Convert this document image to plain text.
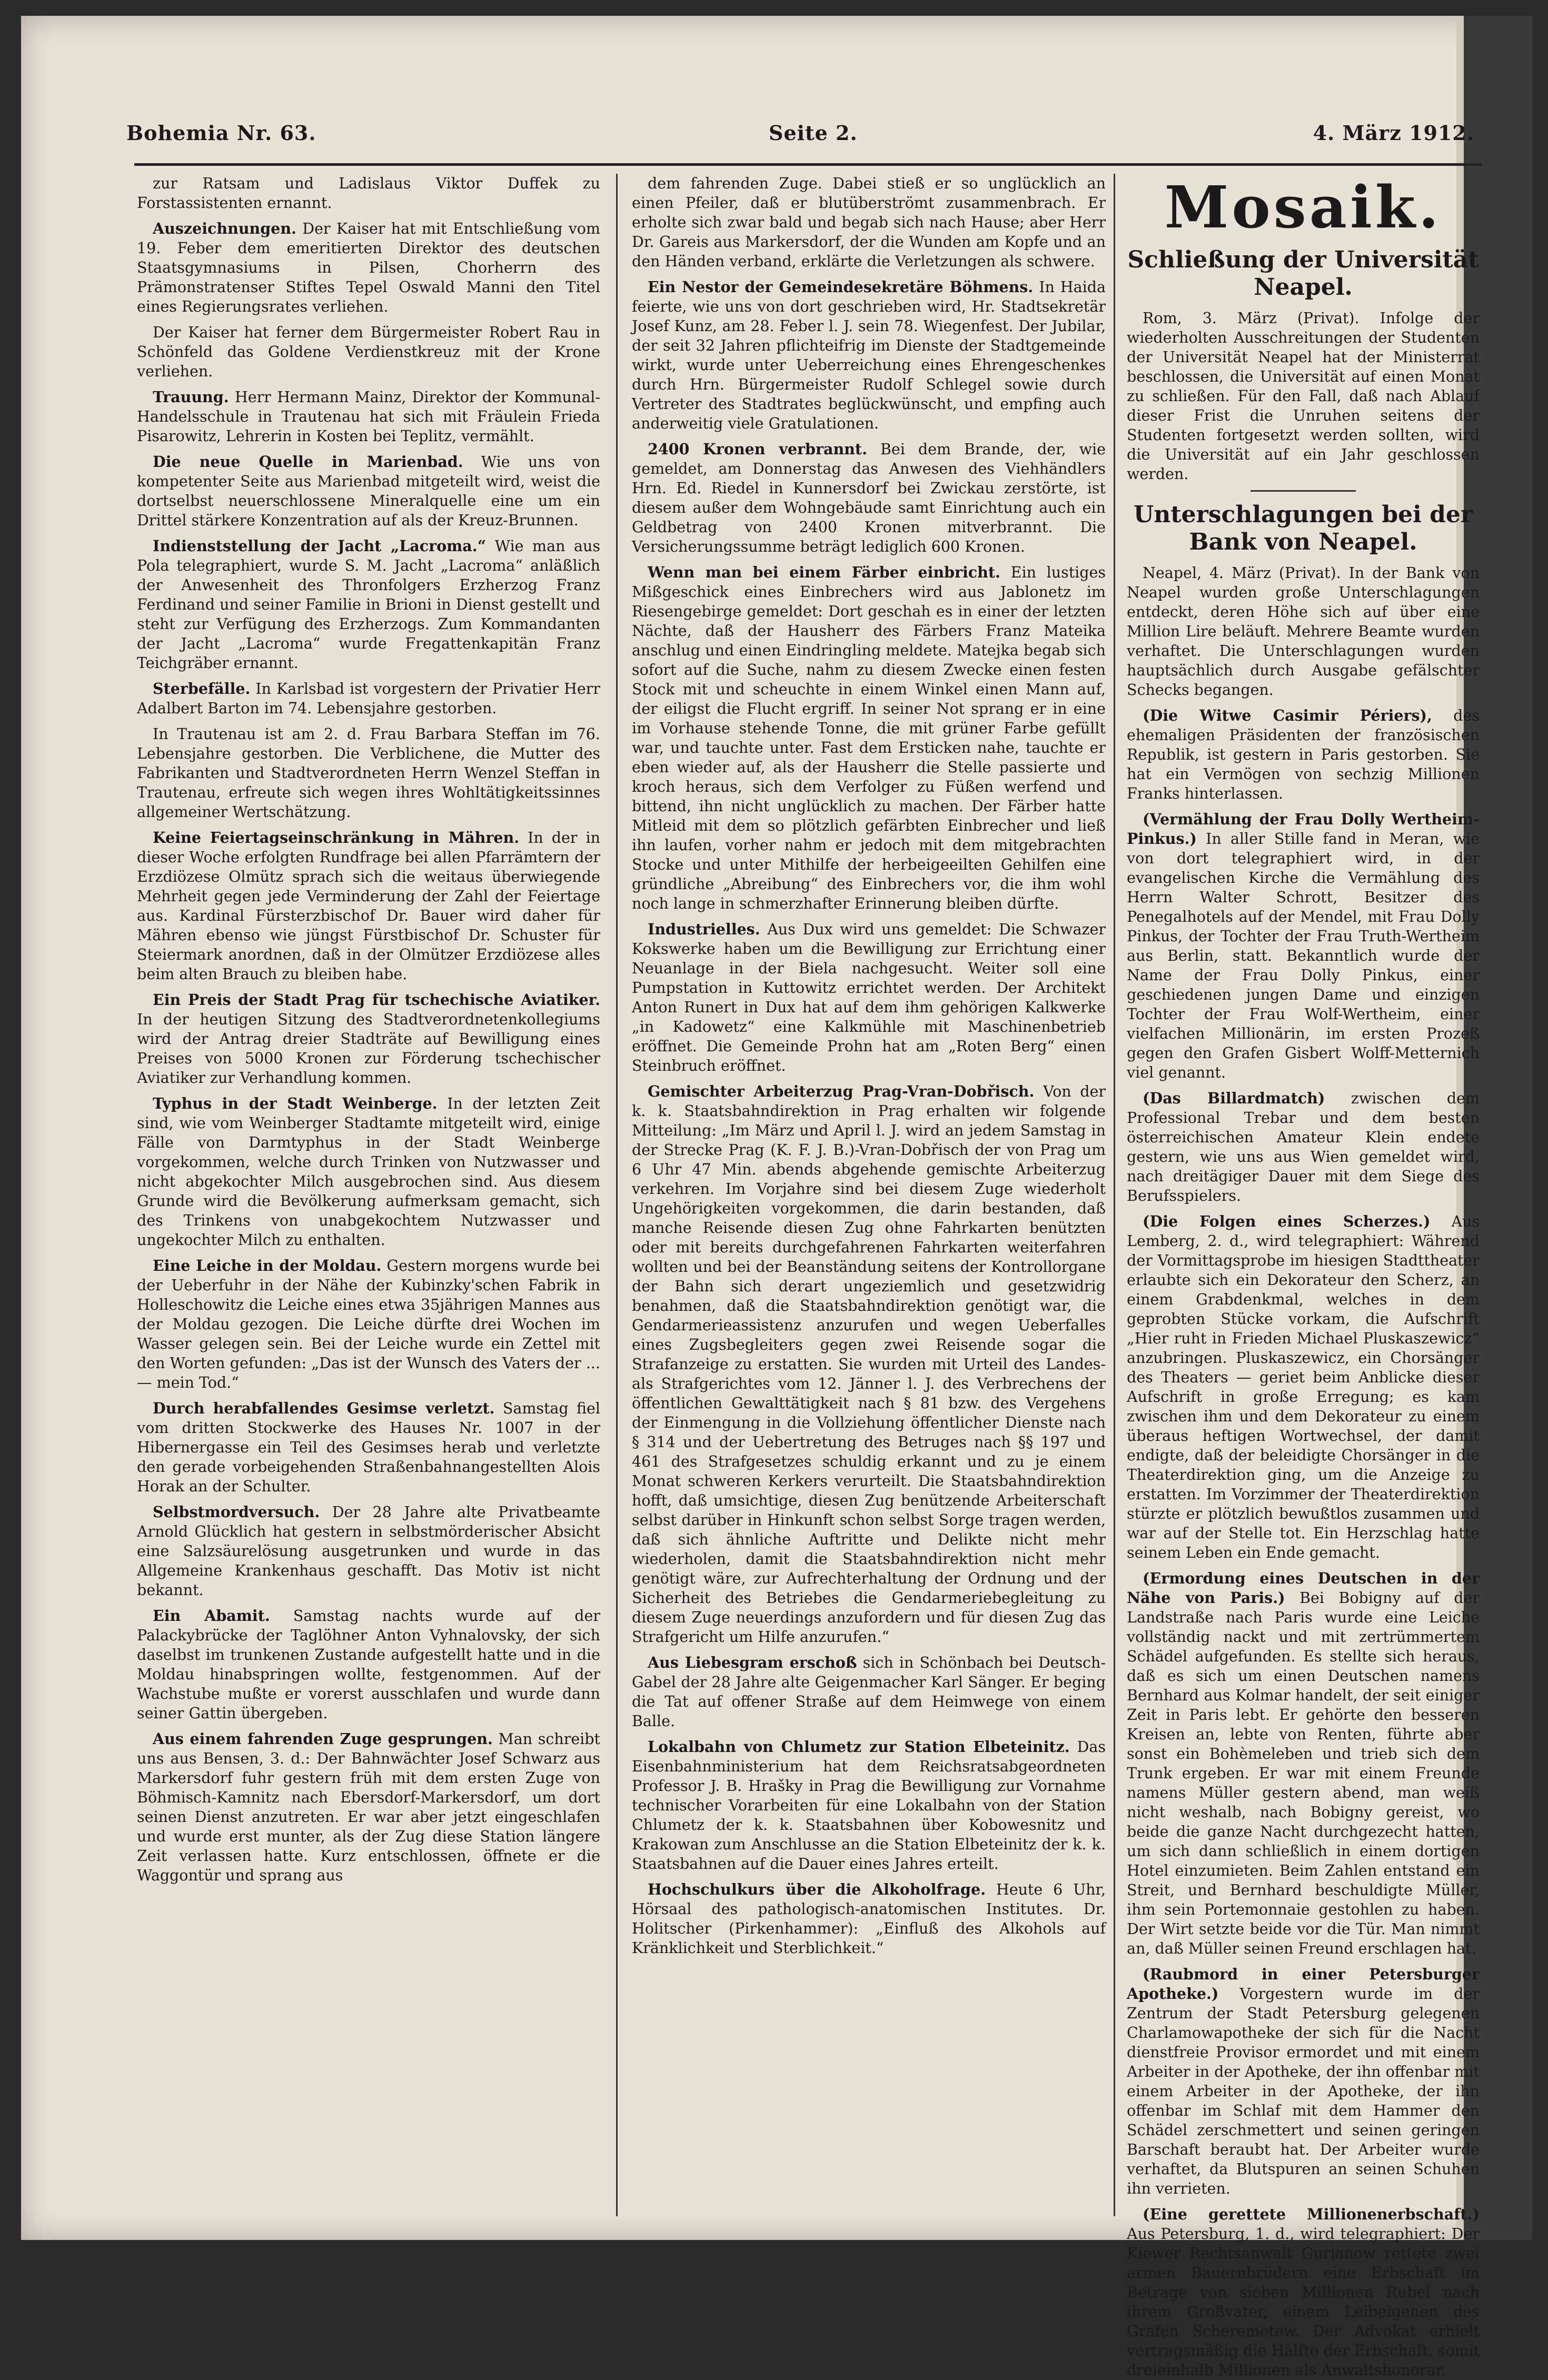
Bohemia Nr. 63.	Seite 2.	4. März 1912.

zur Ratsam und Ladislaus Viktor Duffek zu Forstassistenten ernannt.

Auszeichnungen. Der Kaiser hat mit Entschließung vom 19. Feber dem emeritierten Direktor des deutschen Staatsgymnasiums in Pilsen, Chorherrn des Prämonstratenser Stiftes Tepel Oswald Manni den Titel eines Regierungsrates verliehen.

Der Kaiser hat ferner dem Bürgermeister Robert Rau in Schönfeld das Goldene Verdienstkreuz mit der Krone verliehen.

Trauung. Herr Hermann Mainz, Direktor der Kommunal-Handelsschule in Trautenau hat sich mit Fräulein Frieda Pisarowitz, Lehrerin in Kosten bei Teplitz, vermählt.

Die neue Quelle in Marienbad. Wie uns von kompetenter Seite aus Marienbad mitgeteilt wird, weist die dortselbst neuerschlossene Mineralquelle eine um ein Drittel stärkere Konzentration auf als der Kreuz-Brunnen.

Indienststellung der Jacht „Lacroma.“ Wie man aus Pola telegraphiert, wurde S. M. Jacht „Lacroma“ anläßlich der Anwesenheit des Thronfolgers Erzherzog Franz Ferdinand und seiner Familie in Brioni in Dienst gestellt und steht zur Verfügung des Erzherzogs. Zum Kommandanten der Jacht „Lacroma“ wurde Fregattenkapitän Franz Teichgräber ernannt.

Sterbefälle. In Karlsbad ist vorgestern der Privatier Herr Adalbert Barton im 74. Lebensjahre gestorben.

In Trautenau ist am 2. d. Frau Barbara Steffan im 76. Lebensjahre gestorben. Die Verblichene, die Mutter des Fabrikanten und Stadtverordneten Herrn Wenzel Steffan in Trautenau, erfreute sich wegen ihres Wohltätigkeitssinnes allgemeiner Wertschätzung.

Keine Feiertagseinschränkung in Mähren. In der in dieser Woche erfolgten Rundfrage bei allen Pfarrämtern der Erzdiözese Olmütz sprach sich die weitaus überwiegende Mehrheit gegen jede Verminderung der Zahl der Feiertage aus. Kardinal Fürsterzbischof Dr. Bauer wird daher für Mähren ebenso wie jüngst Fürstbischof Dr. Schuster für Steiermark anordnen, daß in der Olmützer Erzdiözese alles beim alten Brauch zu bleiben habe.

Ein Preis der Stadt Prag für tschechische Aviatiker. In der heutigen Sitzung des Stadtverordnetenkollegiums wird der Antrag dreier Stadträte auf Bewilligung eines Preises von 5000 Kronen zur Förderung tschechischer Aviatiker zur Verhandlung kommen.

Typhus in der Stadt Weinberge. In der letzten Zeit sind, wie vom Weinberger Stadtamte mitgeteilt wird, einige Fälle von Darmtyphus in der Stadt Weinberge vorgekommen, welche durch Trinken von Nutzwasser und nicht abgekochter Milch ausgebrochen sind. Aus diesem Grunde wird die Bevölkerung aufmerksam gemacht, sich des Trinkens von unabgekochtem Nutzwasser und ungekochter Milch zu enthalten.

Eine Leiche in der Moldau. Gestern morgens wurde bei der Ueberfuhr in der Nähe der Kubinzky'schen Fabrik in Holleschowitz die Leiche eines etwa 35jährigen Mannes aus der Moldau gezogen. Die Leiche dürfte drei Wochen im Wasser gelegen sein. Bei der Leiche wurde ein Zettel mit den Worten gefunden: „Das ist der Wunsch des Vaters der ... — mein Tod.“

Durch herabfallendes Gesimse verletzt. Samstag fiel vom dritten Stockwerke des Hauses Nr. 1007 in der Hibernergasse ein Teil des Gesimses herab und verletzte den gerade vorbeigehenden Straßenbahnangestellten Alois Horak an der Schulter.

Selbstmordversuch. Der 28 Jahre alte Privatbeamte Arnold Glücklich hat gestern in selbstmörderischer Absicht eine Salzsäurelösung ausgetrunken und wurde in das Allgemeine Krankenhaus geschafft. Das Motiv ist nicht bekannt.

Ein Abamit. Samstag nachts wurde auf der Palackybrücke der Taglöhner Anton Vyhnalovsky, der sich daselbst im trunkenen Zustande aufgestellt hatte und in die Moldau hinabspringen wollte, festgenommen. Auf der Wachstube mußte er vorerst ausschlafen und wurde dann seiner Gattin übergeben.

Aus einem fahrenden Zuge gesprungen. Man schreibt uns aus Bensen, 3. d.: Der Bahnwächter Josef Schwarz aus Markersdorf fuhr gestern früh mit dem ersten Zuge von Böhmisch-Kamnitz nach Ebersdorf-Markersdorf, um dort seinen Dienst anzutreten. Er war aber jetzt eingeschlafen und wurde erst munter, als der Zug diese Station längere Zeit verlassen hatte. Kurz entschlossen, öffnete er die Waggontür und sprang aus

dem fahrenden Zuge. Dabei stieß er so unglücklich an einen Pfeiler, daß er blutüberströmt zusammenbrach. Er erholte sich zwar bald und begab sich nach Hause; aber Herr Dr. Gareis aus Markersdorf, der die Wunden am Kopfe und an den Händen verband, erklärte die Verletzungen als schwere.

Ein Nestor der Gemeindesekretäre Böhmens. In Haida feierte, wie uns von dort geschrieben wird, Hr. Stadtsekretär Josef Kunz, am 28. Feber l. J. sein 78. Wiegenfest. Der Jubilar, der seit 32 Jahren pflichteifrig im Dienste der Stadtgemeinde wirkt, wurde unter Ueberreichung eines Ehrengeschenkes durch Hrn. Bürgermeister Rudolf Schlegel sowie durch Vertreter des Stadtrates beglückwünscht, und empfing auch anderweitig viele Gratulationen.

2400 Kronen verbrannt. Bei dem Brande, der, wie gemeldet, am Donnerstag das Anwesen des Viehhändlers Hrn. Ed. Riedel in Kunnersdorf bei Zwickau zerstörte, ist diesem außer dem Wohngebäude samt Einrichtung auch ein Geldbetrag von 2400 Kronen mitverbrannt. Die Versicherungssumme beträgt lediglich 600 Kronen.

Wenn man bei einem Färber einbricht. Ein lustiges Mißgeschick eines Einbrechers wird aus Jablonetz im Riesengebirge gemeldet: Dort geschah es in einer der letzten Nächte, daß der Hausherr des Färbers Franz Mateika anschlug und einen Eindringling meldete. Matejka begab sich sofort auf die Suche, nahm zu diesem Zwecke einen festen Stock mit und scheuchte in einem Winkel einen Mann auf, der eiligst die Flucht ergriff. In seiner Not sprang er in eine im Vorhause stehende Tonne, die mit grüner Farbe gefüllt war, und tauchte unter. Fast dem Ersticken nahe, tauchte er eben wieder auf, als der Hausherr die Stelle passierte und kroch heraus, sich dem Verfolger zu Füßen werfend und bittend, ihn nicht unglücklich zu machen. Der Färber hatte Mitleid mit dem so plötzlich gefärbten Einbrecher und ließ ihn laufen, vorher nahm er jedoch mit dem mitgebrachten Stocke und unter Mithilfe der herbeigeeilten Gehilfen eine gründliche „Abreibung“ des Einbrechers vor, die ihm wohl noch lange in schmerzhafter Erinnerung bleiben dürfte.

Industrielles. Aus Dux wird uns gemeldet: Die Schwazer Kokswerke haben um die Bewilligung zur Errichtung einer Neuanlage in der Biela nachgesucht. Weiter soll eine Pumpstation in Kuttowitz errichtet werden. Der Architekt Anton Runert in Dux hat auf dem ihm gehörigen Kalkwerke „in Kadowetz“ eine Kalkmühle mit Maschinenbetrieb eröffnet. Die Gemeinde Prohn hat am „Roten Berg“ einen Steinbruch eröffnet.

Gemischter Arbeiterzug Prag-Vran-Dobřisch. Von der k. k. Staatsbahndirektion in Prag erhalten wir folgende Mitteilung: „Im März und April l. J. wird an jedem Samstag in der Strecke Prag (K. F. J. B.)-Vran-Dobřisch der von Prag um 6 Uhr 47 Min. abends abgehende gemischte Arbeiterzug verkehren. Im Vorjahre sind bei diesem Zuge wiederholt Ungehörigkeiten vorgekommen, die darin bestanden, daß manche Reisende diesen Zug ohne Fahrkarten benützten oder mit bereits durchgefahrenen Fahrkarten weiterfahren wollten und bei der Beanständung seitens der Kontrollorgane der Bahn sich derart ungeziemlich und gesetzwidrig benahmen, daß die Staatsbahndirektion genötigt war, die Gendarmerieassistenz anzurufen und wegen Ueberfalles eines Zugsbegleiters gegen zwei Reisende sogar die Strafanzeige zu erstatten. Sie wurden mit Urteil des Landes- als Strafgerichtes vom 12. Jänner l. J. des Verbrechens der öffentlichen Gewalttätigkeit nach § 81 bzw. des Vergehens der Einmengung in die Vollziehung öffentlicher Dienste nach § 314 und der Uebertretung des Betruges nach §§ 197 und 461 des Strafgesetzes schuldig erkannt und zu je einem Monat schweren Kerkers verurteilt. Die Staatsbahndirektion hofft, daß umsichtige, diesen Zug benützende Arbeiterschaft selbst darüber in Hinkunft schon selbst Sorge tragen werden, daß sich ähnliche Auftritte und Delikte nicht mehr wiederholen, damit die Staatsbahndirektion nicht mehr genötigt wäre, zur Aufrechterhaltung der Ordnung und der Sicherheit des Betriebes die Gendarmeriebegleitung zu diesem Zuge neuerdings anzufordern und für diesen Zug das Strafgericht um Hilfe anzurufen.“

Aus Liebesgram erschoß sich in Schönbach bei Deutsch-Gabel der 28 Jahre alte Geigenmacher Karl Sänger. Er beging die Tat auf offener Straße auf dem Heimwege von einem Balle.

Lokalbahn von Chlumetz zur Station Elbeteinitz. Das Eisenbahnministerium hat dem Reichsratsabgeordneten Professor J. B. Hrašky in Prag die Bewilligung zur Vornahme technischer Vorarbeiten für eine Lokalbahn von der Station Chlumetz der k. k. Staatsbahnen über Kobowesnitz und Krakowan zum Anschlusse an die Station Elbeteinitz der k. k. Staatsbahnen auf die Dauer eines Jahres erteilt.

Hochschulkurs über die Alkoholfrage. Heute 6 Uhr, Hörsaal des pathologisch-anatomischen Institutes. Dr. Holitscher (Pirkenhammer): „Einfluß des Alkohols auf Kränklichkeit und Sterblichkeit.“

Mosaik.
Schließung der Universität Neapel.

Rom, 3. März (Privat). Infolge der wiederholten Ausschreitungen der Studenten der Universität Neapel hat der Ministerrat beschlossen, die Universität auf einen Monat zu schließen. Für den Fall, daß nach Ablauf dieser Frist die Unruhen seitens der Studenten fortgesetzt werden sollten, wird die Universität auf ein Jahr geschlossen werden.

Unterschlagungen bei der Bank von Neapel.

Neapel, 4. März (Privat). In der Bank von Neapel wurden große Unterschlagungen entdeckt, deren Höhe sich auf über eine Million Lire beläuft. Mehrere Beamte wurden verhaftet. Die Unterschlagungen wurden hauptsächlich durch Ausgabe gefälschter Schecks begangen.

(Die Witwe Casimir Périers), des ehemaligen Präsidenten der französischen Republik, ist gestern in Paris gestorben. Sie hat ein Vermögen von sechzig Millionen Franks hinterlassen.

(Vermählung der Frau Dolly Wertheim-Pinkus.) In aller Stille fand in Meran, wie von dort telegraphiert wird, in der evangelischen Kirche die Vermählung des Herrn Walter Schrott, Besitzer des Penegalhotels auf der Mendel, mit Frau Dolly Pinkus, der Tochter der Frau Truth-Wertheim aus Berlin, statt. Bekanntlich wurde der Name der Frau Dolly Pinkus, einer geschiedenen jungen Dame und einzigen Tochter der Frau Wolf-Wertheim, einer vielfachen Millionärin, im ersten Prozeß gegen den Grafen Gisbert Wolff-Metternich viel genannt.

(Das Billardmatch) zwischen dem Professional Trebar und dem besten österreichischen Amateur Klein endete gestern, wie uns aus Wien gemeldet wird, nach dreitägiger Dauer mit dem Siege des Berufsspielers.

(Die Folgen eines Scherzes.) Aus Lemberg, 2. d., wird telegraphiert: Während der Vormittagsprobe im hiesigen Stadttheater erlaubte sich ein Dekorateur den Scherz, an einem Grabdenkmal, welches in dem geprobten Stücke vorkam, die Aufschrift „Hier ruht in Frieden Michael Pluskaszewicz“ anzubringen. Pluskaszewicz, ein Chorsänger des Theaters — geriet beim Anblicke dieser Aufschrift in große Erregung; es kam zwischen ihm und dem Dekorateur zu einem überaus heftigen Wortwechsel, der damit endigte, daß der beleidigte Chorsänger in die Theaterdirektion ging, um die Anzeige zu erstatten. Im Vorzimmer der Theaterdirektion stürzte er plötzlich bewußtlos zusammen und war auf der Stelle tot. Ein Herzschlag hatte seinem Leben ein Ende gemacht.

(Ermordung eines Deutschen in der Nähe von Paris.) Bei Bobigny auf der Landstraße nach Paris wurde eine Leiche vollständig nackt und mit zertrümmertem Schädel aufgefunden. Es stellte sich heraus, daß es sich um einen Deutschen namens Bernhard aus Kolmar handelt, der seit einiger Zeit in Paris lebt. Er gehörte den besseren Kreisen an, lebte von Renten, führte aber sonst ein Bohèmeleben und trieb sich dem Trunk ergeben. Er war mit einem Freunde namens Müller gestern abend, man weiß nicht weshalb, nach Bobigny gereist, wo beide die ganze Nacht durchgezecht hatten, um sich dann schließlich in einem dortigen Hotel einzumieten. Beim Zahlen entstand ein Streit, und Bernhard beschuldigte Müller, ihm sein Portemonnaie gestohlen zu haben. Der Wirt setzte beide vor die Tür. Man nimmt an, daß Müller seinen Freund erschlagen hat.

(Raubmord in einer Petersburger Apotheke.) Vorgestern wurde im der Zentrum der Stadt Petersburg gelegenen Charlamowapotheke der sich für die Nacht dienstfreie Provisor ermordet und mit einem Arbeiter in der Apotheke, der ihn offenbar mit einem Arbeiter in der Apotheke, der ihn offenbar im Schlaf mit dem Hammer den Schädel zerschmettert und seinen geringen Barschaft beraubt hat. Der Arbeiter wurde verhaftet, da Blutspuren an seinen Schuhen ihn verrieten.

(Eine gerettete Millionenerbschaft.) Aus Petersburg, 1. d., wird telegraphiert: Der Kiewer Rechtsanwalt Gurianow rettete zwei armen Bauernbrüdern eine Erbschaft im Betrage von sieben Millionen Rubel nach ihrem Großvater, einem Leibeigenen des Grafen Scheremetew. Der Advokat erhielt vertragsmäßig die Hälfte der Erbschaft, somit dreieinhalb Millionen als Anwaltshonorar.
